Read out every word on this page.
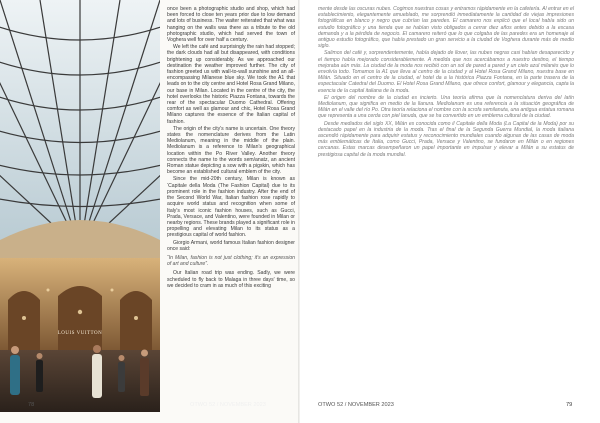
LOUIS VUITTON

once been a photographic studio and shop, which had been forced to close ten years prior due to low demand and lots of business. The waiter reiterated that what was hanging on the walls was there as a tribute to the old photographic studio, which had served the town of Voghera well for over half a century.

We left the café and surprisingly the rain had stopped; the dark clouds had all but disappeared, with conditions brightening up considerably. As we approached our destination the weather improved further. The city of fashion greeted us with wall-to-wall sunshine and an all-encompassing Milanese blue sky. We took the A1 that leads on to the city centre and Hotel Rosa Grand Milano, our base in Milan. Located in the centre of the city, the hotel overlooks the historic Piazza Fontana, towards the rear of the spectacular Duomo Cathedral. Offering comfort as well as glamour and chic, Hotel Rosa Grand Milano captures the essence of the Italian capital of fashion.

The origin of the city's name is uncertain. One theory states the nomenclature derives from the Latin Mediolanum, meaning in the middle of the plain. Mediolanum is a reference to Milan's geographical location within the Po River Valley. Another theory connects the name to the words sem/anatz, an ancient Roman statue depicting a sow with a pigskin, which has become an established cultural emblem of the city.

Since the mid-20th century, Milan is known as ‘Capitale della Moda (The Fashion Capital) due to its prominent role in the fashion industry. After the end of the Second World War, Italian fashion rose rapidly to acquire world status and recognition when some of Italy's most iconic fashion houses, such as Gucci, Prada, Versace, and Valentino, were founded in Milan or nearby regions. These brands played a significant role in propelling and elevating Milan to its status as a prestigious capital of world fashion.

Giorgio Armani, world famous Italian fashion designer once said:

“In Milan, fashion is not just clothing; it's an expression of art and culture”.

Our Italian road trip was ending. Sadly, we were scheduled to fly back to Malaga in three days' time, so we decided to cram in as much of this exciting

78	OTWO 52 / NOVEMBER 2023

mente desde las oscuras nubes. Cogimos nuestras cosas y entramos rápidamente en la cafetería. Al entrar en el establecimiento, elegantemente amueblado, me sorprendió inmediatamente la cantidad de viejas impresiones fotográficas en blanco y negro que cubrían las paredes. El camarero nos explicó que el local había sido un estudio fotográfico y una tienda que se habían visto obligados a cerrar diez años antes debido a la escasa demanda y a la pérdida de negocio. El camarero reiteró que lo que colgaba de las paredes era un homenaje al antiguo estudio fotográfico, que había prestado un gran servicio a la ciudad de Voghera durante más de medio siglo.

Salimos del café y, sorprendentemente, había dejado de llover, las nubes negras casi habían desaparecido y el tiempo había mejorado considerablemente. A medida que nos acercábamos a nuestro destino, el tiempo mejoraba aún más. La ciudad de la moda nos recibió con un sol de pared a pared y un cielo azul milanés que lo envolvía todo. Tomamos la A1 que lleva al centro de la ciudad y al Hotel Rosa Grand Milano, nuestra base en Milán. Situado en el centro de la ciudad, el hotel da a la histórica Piazza Fontana, en la parte trasera de la espectacular Catedral del Duomo. El Hotel Rosa Grand Milano, que ofrece confort, glamour y elegancia, capta la esencia de la capital italiana de la moda.

El origen del nombre de la ciudad es incierto. Una teoría afirma que la nomenclatura deriva del latín Mediolanum, que significa en medio de la llanura. Mediolanum es una referencia a la situación geográfica de Milán en el valle del río Po. Otra teoría relaciona el nombre con la scrofa semilanuta, una antigua estatua romana que representa a una cerda con piel lanuda, que se ha convertido en un emblema cultural de la ciudad.

Desde mediados del siglo XX, Milán es conocida como il Capitale della Moda (La Capital de la Moda) por su destacado papel en la industria de la moda. Tras el final de la Segunda Guerra Mundial, la moda italiana ascendió rápidamente para adquirir estatus y reconocimiento mundiales cuando algunas de las casas de moda más emblemáticas de Italia, como Gucci, Prada, Versace y Valentino, se fundaron en Milán o en regiones cercanas. Estas marcas desempeñaron un papel importante en impulsar y elevar a Milán a su estatus de prestigiosa capital de la moda mundial.

OTWO 52 / NOVEMBER 2023	79
